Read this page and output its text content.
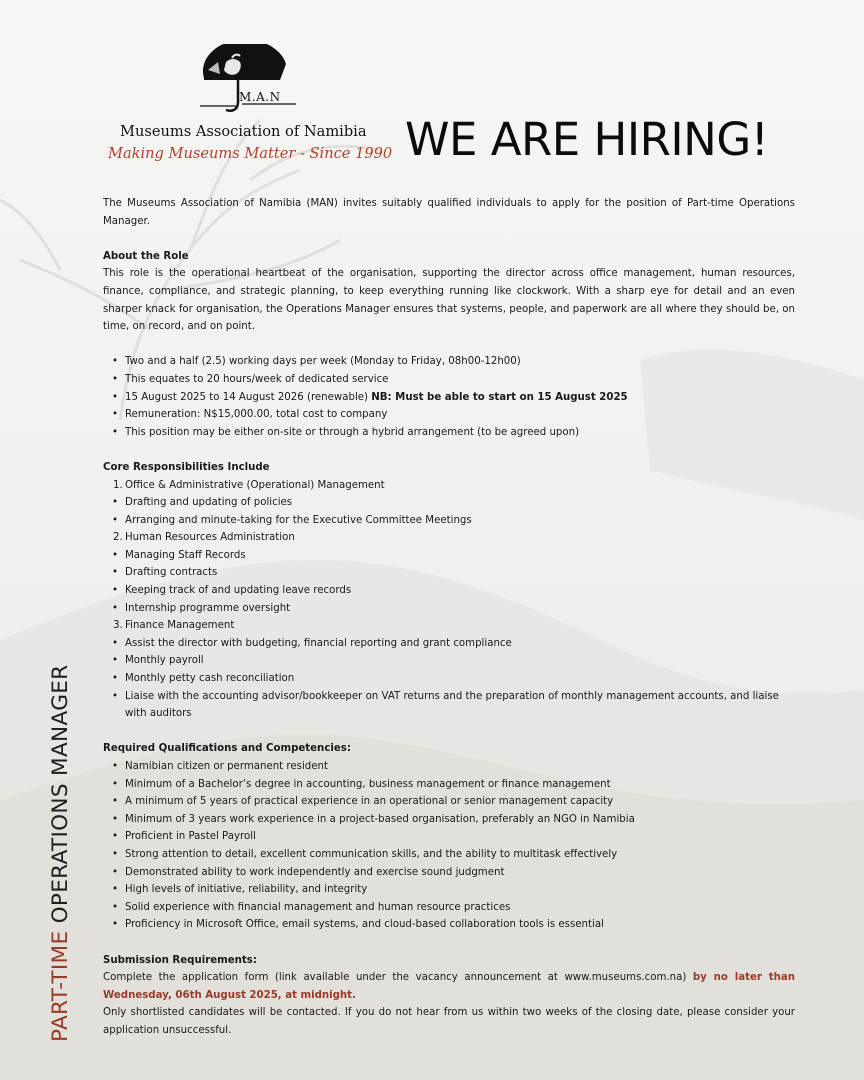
M.A.N
Museums Association of Namibia
Making Museums Matter - Since 1990 WE ARE HIRING!
PART-TIME OPERATIONS MANAGER

The Museums Association of Namibia (MAN) invites suitably qualified individuals to apply for the position of Part-time Operations Manager.

About the Role

This role is the operational heartbeat of the organisation, supporting the director across office management, human resources, finance, compliance, and strategic planning, to keep everything running like clockwork. With a sharp eye for detail and an even sharper knack for organisation, the Operations Manager ensures that systems, people, and paperwork are all where they should be, on time, on record, and on point.

• Two and a half (2.5) working days per week (Monday to Friday, 08h00-12h00)
• This equates to 20 hours/week of dedicated service
• 15 August 2025 to 14 August 2026 (renewable) NB: Must be able to start on 15 August 2025
• Remuneration: N$15,000.00, total cost to company
• This position may be either on-site or through a hybrid arrangement (to be agreed upon)

Core Responsibilities Include

1. Office & Administrative (Operational) Management
• Drafting and updating of policies
• Arranging and minute-taking for the Executive Committee Meetings
2. Human Resources Administration
• Managing Staff Records
• Drafting contracts
• Keeping track of and updating leave records
• Internship programme oversight
3. Finance Management
• Assist the director with budgeting, financial reporting and grant compliance
• Monthly payroll
• Monthly petty cash reconciliation
• Liaise with the accounting advisor/bookkeeper on VAT returns and the preparation of monthly management accounts, and liaise with auditors

Required Qualifications and Competencies:

• Namibian citizen or permanent resident
• Minimum of a Bachelor’s degree in accounting, business management or finance management
• A minimum of 5 years of practical experience in an operational or senior management capacity
• Minimum of 3 years work experience in a project-based organisation, preferably an NGO in Namibia
• Proficient in Pastel Payroll
• Strong attention to detail, excellent communication skills, and the ability to multitask effectively
• Demonstrated ability to work independently and exercise sound judgment
• High levels of initiative, reliability, and integrity
• Solid experience with financial management and human resource practices
• Proficiency in Microsoft Office, email systems, and cloud-based collaboration tools is essential

Submission Requirements:

Complete the application form (link available under the vacancy announcement at www.museums.com.na) by no later than Wednesday, 06th August 2025, at midnight.

Only shortlisted candidates will be contacted. If you do not hear from us within two weeks of the closing date, please consider your application unsuccessful.
